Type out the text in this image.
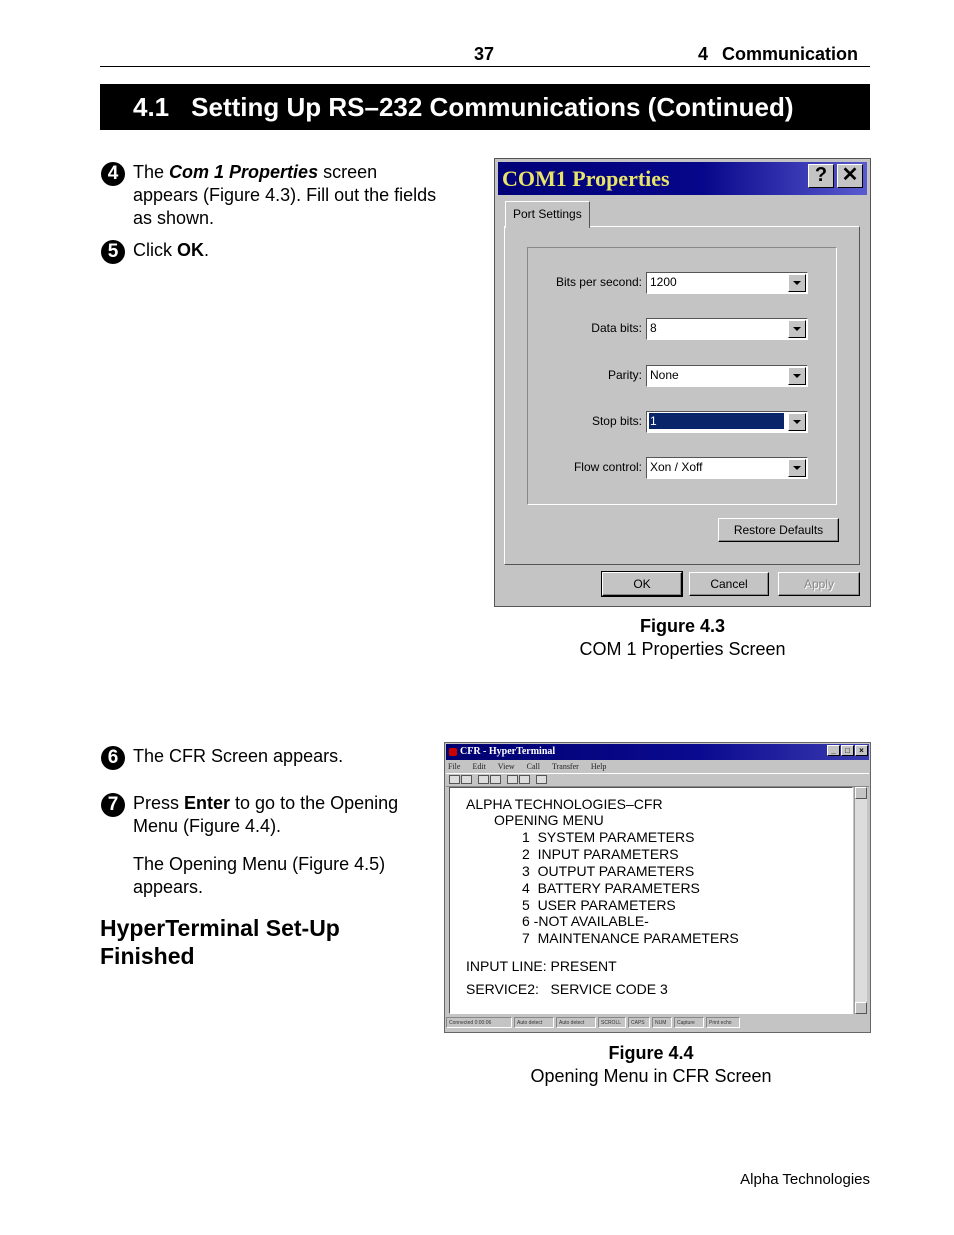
37	4 Communication
4.1 Setting Up RS–232 Communications (Continued)
4 The Com 1 Properties screen appears (Figure 4.3). Fill out the fields as shown.
5 Click OK.
COM1 Properties	? ✕
Port Settings
Bits per second: 1200
Data bits: 8
Parity: None
Stop bits: 1
Flow control: Xon / Xoff
Restore Defaults
OK	Cancel	Apply
Figure 4.3
COM 1 Properties Screen
6 The CFR Screen appears.
7 Press Enter to go to the Opening Menu (Figure 4.4).
The Opening Menu (Figure 4.5) appears.
HyperTerminal Set-Up Finished
CFR - HyperTerminal	_	□	×
File Edit View Call Transfer Help
ALPHA TECHNOLOGIES–CFR
OPENING MENU
1  SYSTEM PARAMETERS
2  INPUT PARAMETERS
3  OUTPUT PARAMETERS
4  BATTERY PARAMETERS
5  USER PARAMETERS
6 -NOT AVAILABLE-
7  MAINTENANCE PARAMETERS
INPUT LINE: PRESENT
SERVICE2:   SERVICE CODE 3
Connected 0:00:06	Auto detect	Auto detect	SCROLL	CAPS	NUM	Capture	Print echo
Figure 4.4
Opening Menu in CFR Screen
Alpha Technologies
